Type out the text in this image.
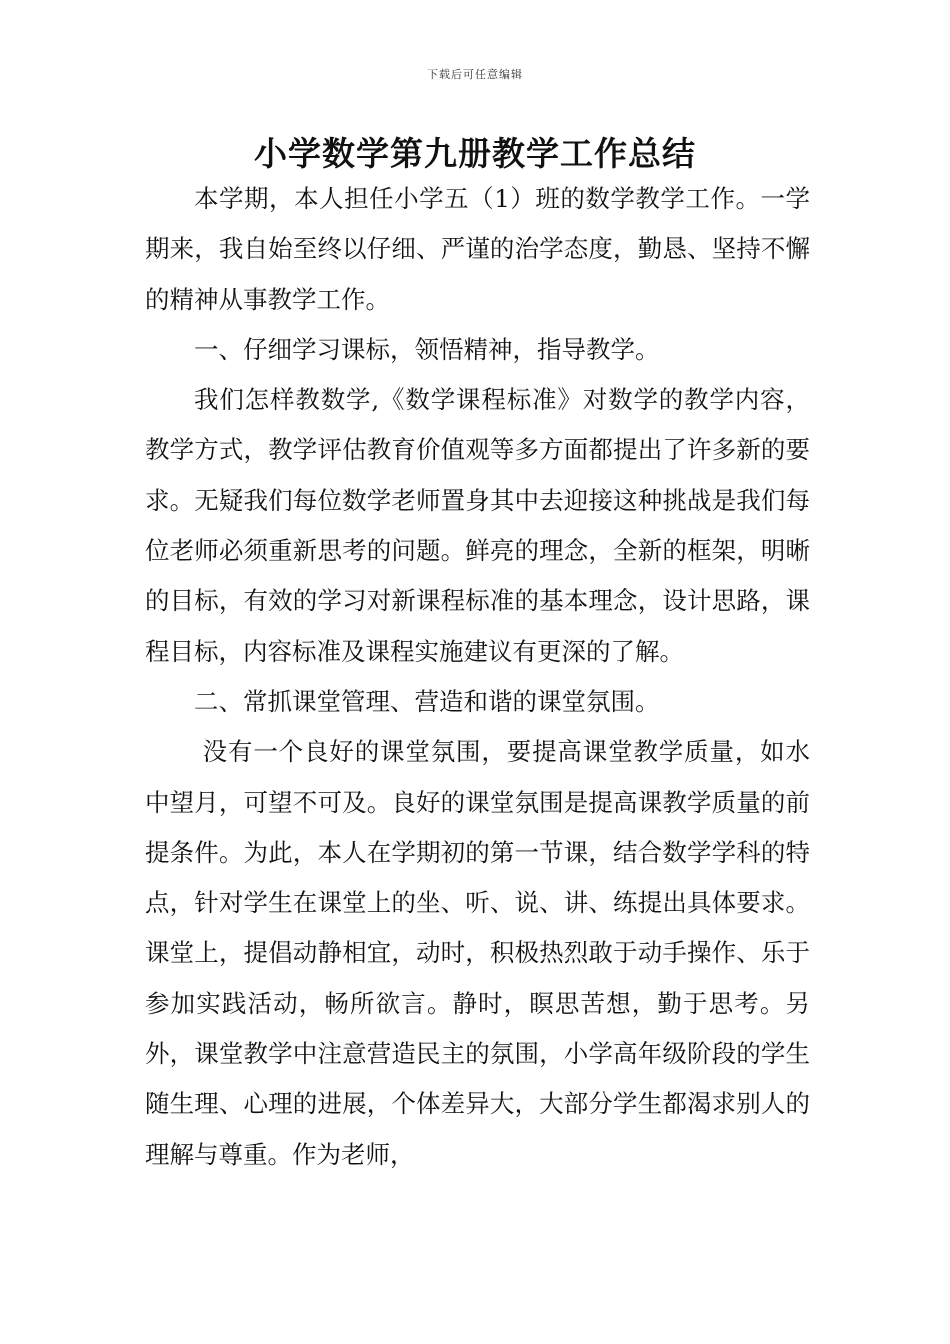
下载后可任意编辑
小学数学第九册教学工作总结

本学期，本人担任小学五（1）班的数学教学工作。一学期来，我自始至终以仔细、严谨的治学态度，勤恳、坚持不懈的精神从事教学工作。

一、仔细学习课标，领悟精神，指导教学。

我们怎样教数学,《数学课程标准》对数学的教学内容，教学方式，教学评估教育价值观等多方面都提出了许多新的要求。无疑我们每位数学老师置身其中去迎接这种挑战是我们每位老师必须重新思考的问题。鲜亮的理念，全新的框架，明晰的目标，有效的学习对新课程标准的基本理念，设计思路，课程目标，内容标准及课程实施建议有更深的了解。

二、常抓课堂管理、营造和谐的课堂氛围。

没有一个良好的课堂氛围，要提高课堂教学质量，如水中望月，可望不可及。良好的课堂氛围是提高课教学质量的前提条件。为此，本人在学期初的第一节课，结合数学学科的特点，针对学生在课堂上的坐、听、说、讲、练提出具体要求。课堂上，提倡动静相宜，动时，积极热烈敢于动手操作、乐于参加实践活动，畅所欲言。静时，瞑思苦想，勤于思考。另外，课堂教学中注意营造民主的氛围，小学高年级阶段的学生随生理、心理的进展，个体差异大，大部分学生都渴求别人的理解与尊重。作为老师，
